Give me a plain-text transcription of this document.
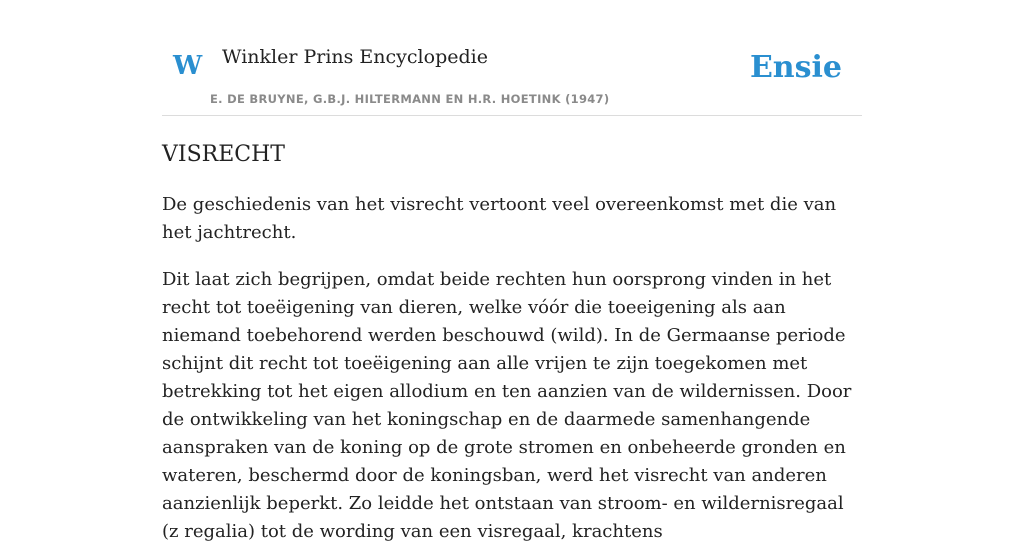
W Winkler Prins Encyclopedie
E. DE BRUYNE, G.B.J. HILTERMANN EN H.R. HOETINK (1947)
Ensie
VISRECHT

De geschiedenis van het visrecht vertoont veel overeenkomst met die van het jachtrecht.

Dit laat zich begrijpen, omdat beide rechten hun oorsprong vinden in het recht tot toeëigening van dieren, welke vóór die toeeigening als aan niemand toebehorend werden beschouwd (wild). In de Germaanse periode schijnt dit recht tot toeëigening aan alle vrijen te zijn toegekomen met betrekking tot het eigen allodium en ten aanzien van de wildernissen. Door de ontwikkeling van het koningschap en de daarmede samenhangende aanspraken van de koning op de grote stromen en onbeheerde gronden en wateren, beschermd door de koningsban, werd het visrecht van anderen aanzienlijk beperkt. Zo leidde het ontstaan van stroom- en wildernisregaal (z regalia) tot de wording van een visregaal, krachtens
